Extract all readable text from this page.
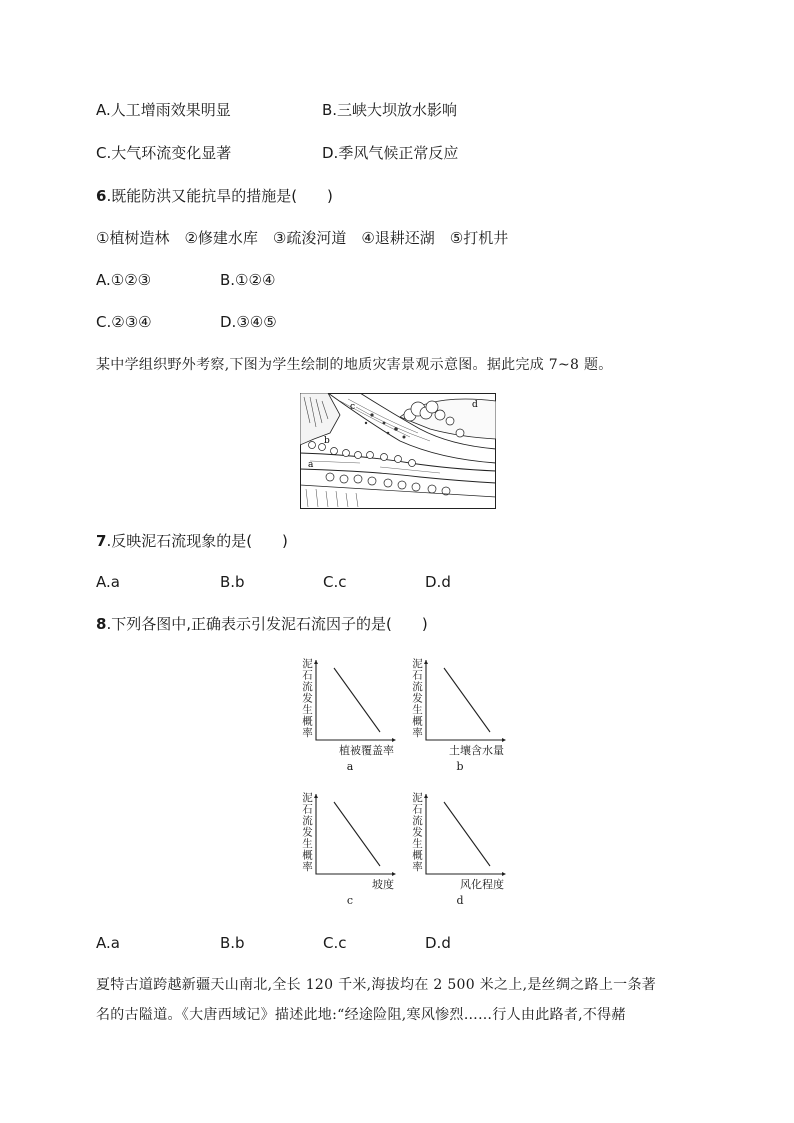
A.人工增雨效果明显	B.三峡大坝放水影响
C.大气环流变化显著	D.季风气候正常反应
6.既能防洪又能抗旱的措施是(　　)
①植树造林　②修建水库　③疏浚河道　④退耕还湖　⑤打机井
A.①②③	B.①②④
C.②③④	D.③④⑤
某中学组织野外考察,下图为学生绘制的地质灾害景观示意图。据此完成 7~8 题。
c	d
b
a
7.反映泥石流现象的是(　　)
A.a	B.b	C.c	D.d
8.下列各图中,正确表示引发泥石流因子的是(　　)
泥石流发生概率
植被覆盖率
a
泥石流发生概率
土壤含水量
b
泥石流发生概率
坡度
c
泥石流发生概率
风化程度
d
A.a	B.b	C.c	D.d
夏特古道跨越新疆天山南北,全长 120 千米,海拔均在 2 500 米之上,是丝绸之路上一条著
名的古隘道。《大唐西域记》描述此地:“经途险阻,寒风惨烈……行人由此路者,不得赭
